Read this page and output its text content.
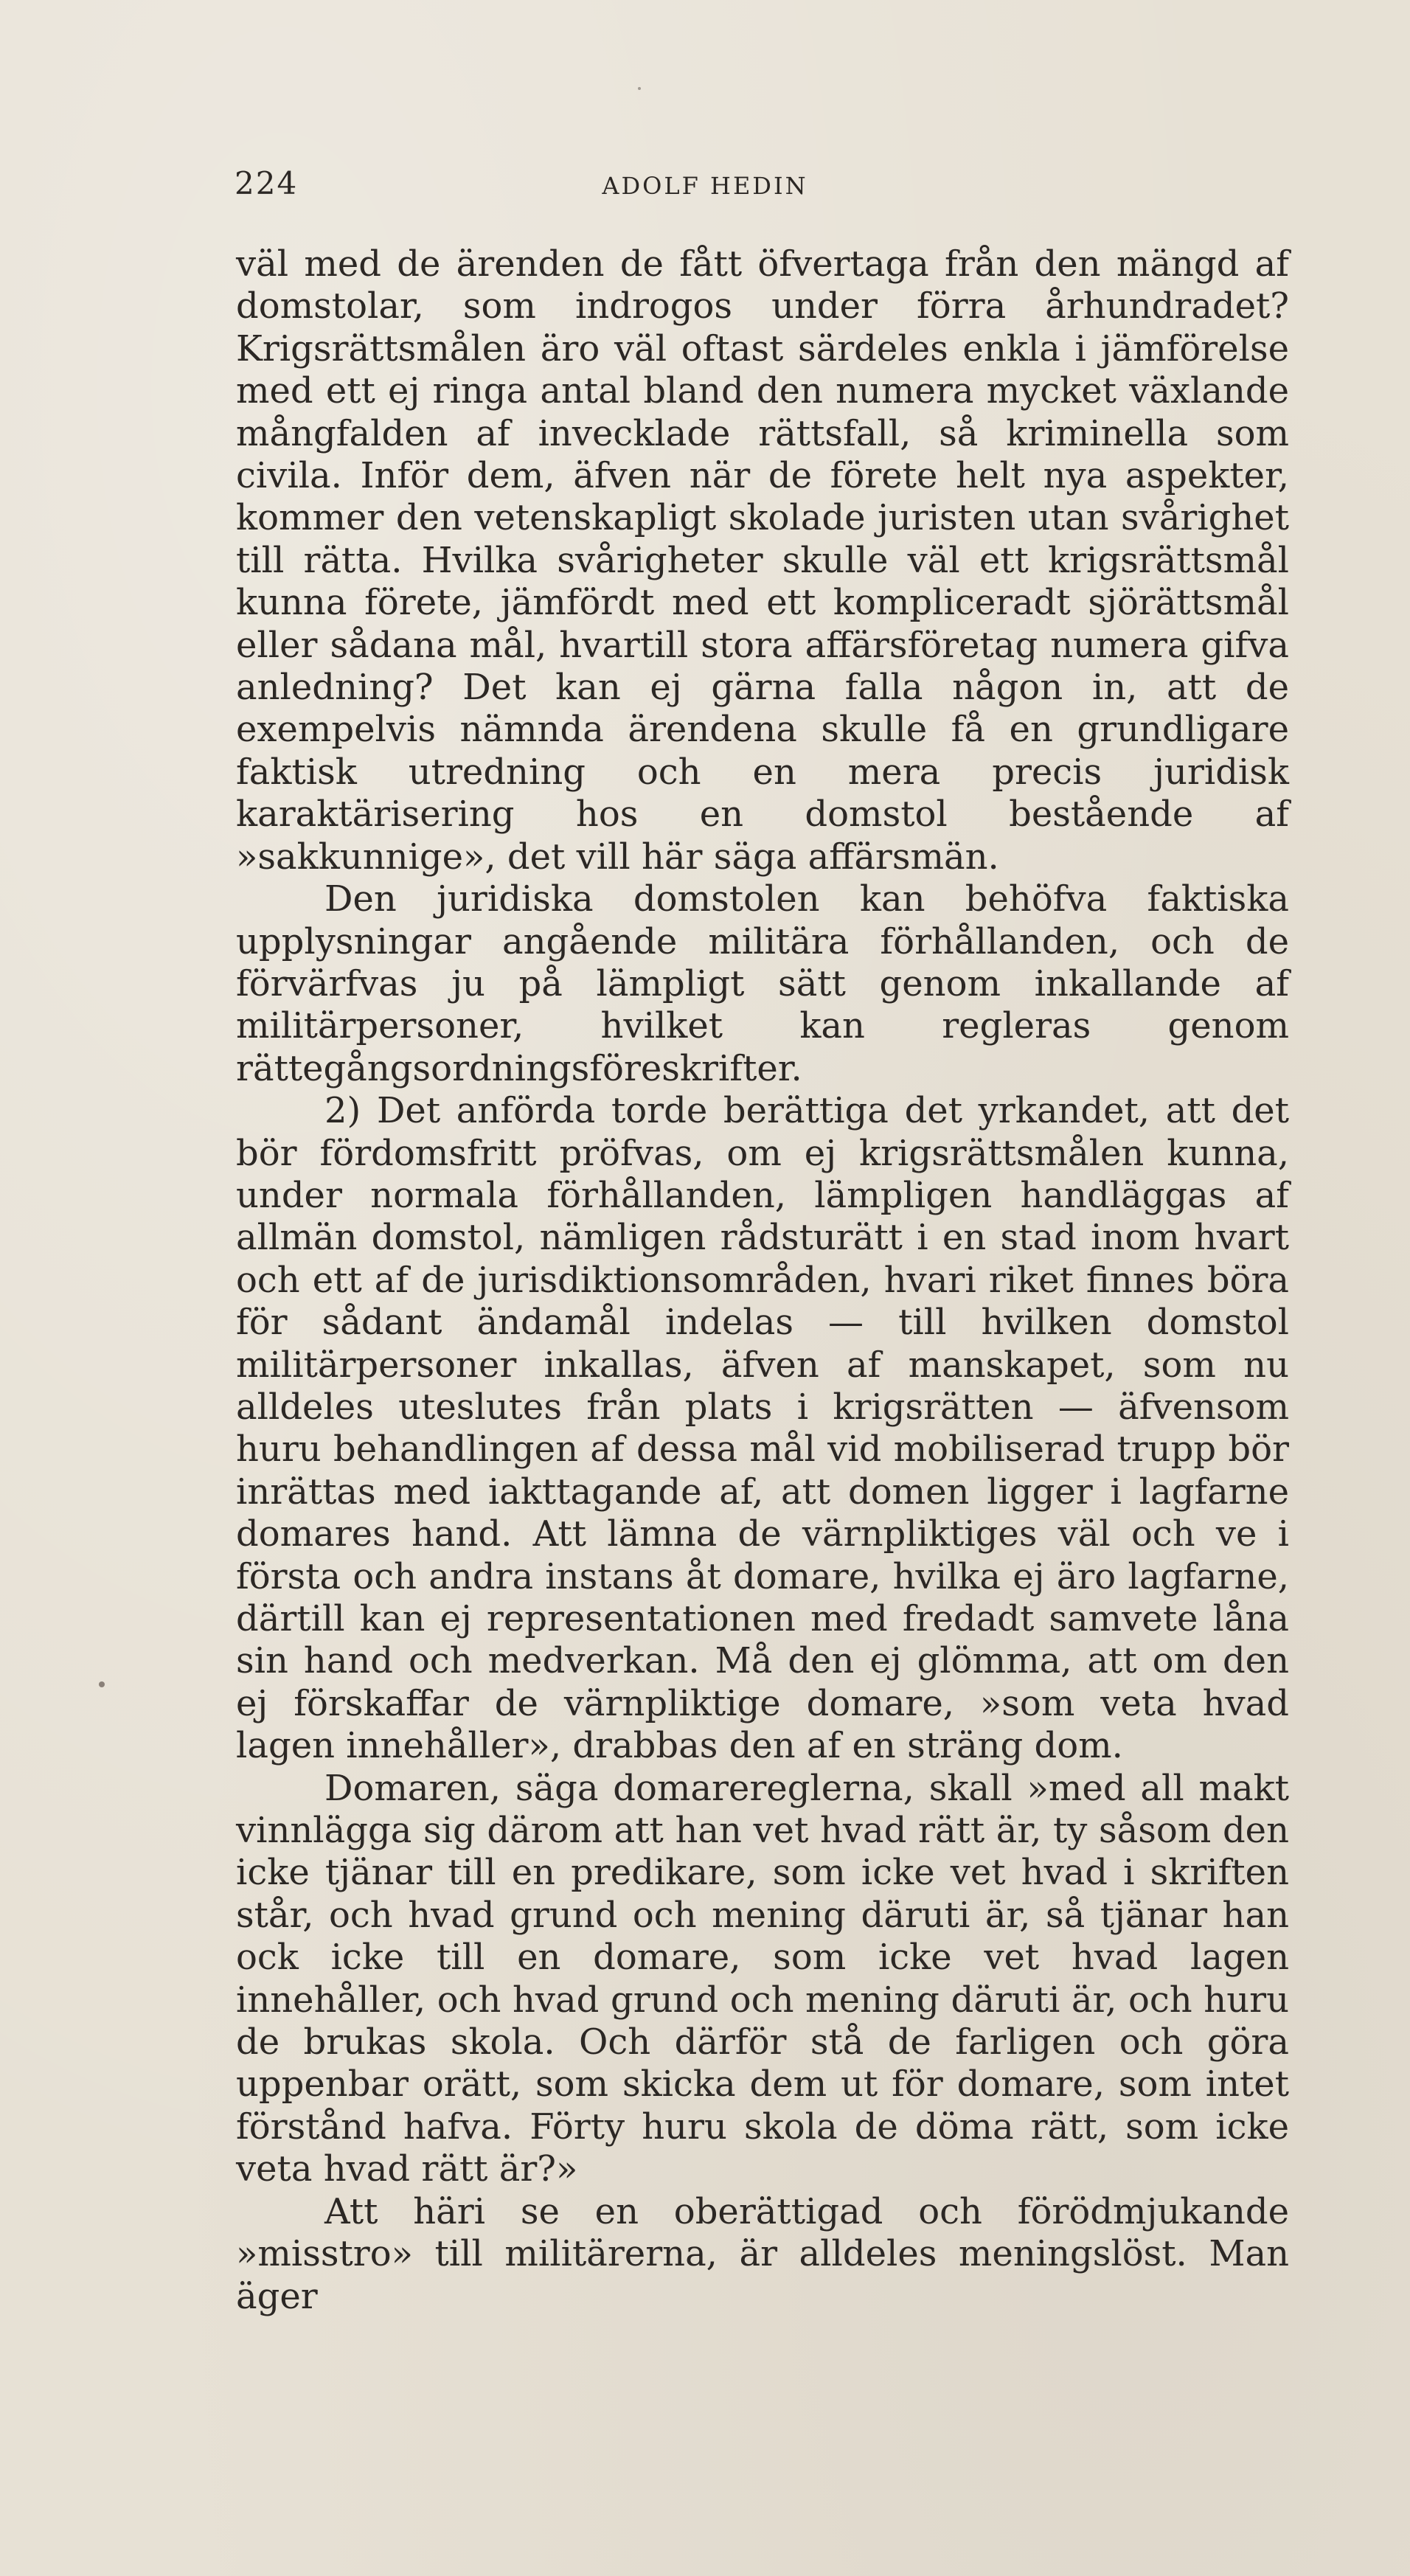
224	ADOLF HEDIN

väl med de ärenden de fått öfvertaga från den mängd af domstolar, som indrogos under förra århundradet? Krigsrättsmålen äro väl oftast särdeles enkla i jämförelse med ett ej ringa antal bland den numera mycket växlande mångfalden af invecklade rättsfall, så kriminella som civila. Inför dem, äfven när de förete helt nya aspekter, kommer den vetenskapligt skolade juristen utan svårighet till rätta. Hvilka svårigheter skulle väl ett krigsrättsmål kunna förete, jämfördt med ett kompliceradt sjörättsmål eller sådana mål, hvartill stora affärsföretag numera gifva anledning? Det kan ej gärna falla någon in, att de exempelvis nämnda ärendena skulle få en grundligare faktisk utredning och en mera precis juridisk karaktärisering hos en domstol bestående af »sakkunnige», det vill här säga affärsmän.

Den juridiska domstolen kan behöfva faktiska upplysningar angående militära förhållanden, och de förvärfvas ju på lämpligt sätt genom inkallande af militärpersoner, hvilket kan regleras genom rättegångsordningsföreskrifter.

2) Det anförda torde berättiga det yrkandet, att det bör fördomsfritt pröfvas, om ej krigsrättsmålen kunna, under normala förhållanden, lämpligen handläggas af allmän domstol, nämligen rådsturätt i en stad inom hvart och ett af de jurisdiktionsområden, hvari riket finnes böra för sådant ändamål indelas — till hvilken domstol militärpersoner inkallas, äfven af manskapet, som nu alldeles uteslutes från plats i krigsrätten — äfvensom huru behandlingen af dessa mål vid mobiliserad trupp bör inrättas med iakttagande af, att domen ligger i lagfarne domares hand. Att lämna de värnpliktiges väl och ve i första och andra instans åt domare, hvilka ej äro lagfarne, därtill kan ej representationen med fredadt samvete låna sin hand och medverkan. Må den ej glömma, att om den ej förskaffar de värnpliktige domare, »som veta hvad lagen innehåller», drabbas den af en sträng dom.

Domaren, säga domarereglerna, skall »med all makt vinnlägga sig därom att han vet hvad rätt är, ty såsom den icke tjänar till en predikare, som icke vet hvad i skriften står, och hvad grund och mening däruti är, så tjänar han ock icke till en domare, som icke vet hvad lagen innehåller, och hvad grund och mening däruti är, och huru de brukas skola. Och därför stå de farligen och göra uppenbar orätt, som skicka dem ut för domare, som intet förstånd hafva. Förty huru skola de döma rätt, som icke veta hvad rätt är?»

Att häri se en oberättigad och förödmjukande »misstro» till militärerna, är alldeles meningslöst. Man äger
